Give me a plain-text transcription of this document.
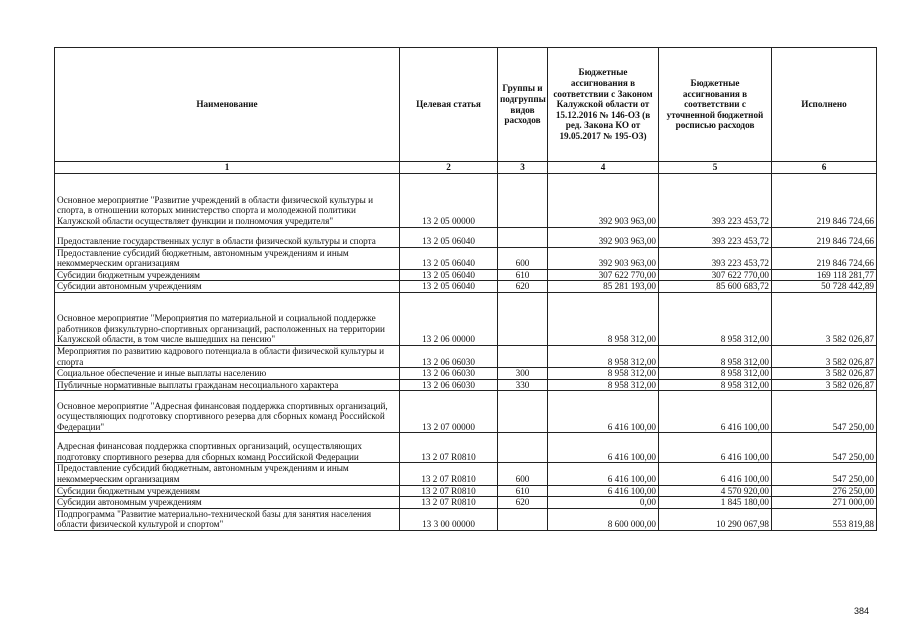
Наименование	Целевая статья	Группы и подгруппы видов расходов	Бюджетные ассигнования в соответствии с Законом Калужской области от 15.12.2016 № 146-ОЗ (в ред. Закона КО от 19.05.2017 № 195-ОЗ)	Бюджетные ассигнования в соответствии с уточненной бюджетной росписью расходов	Исполнено
1	2	3	4	5	6
Основное мероприятие "Развитие учреждений в области физической культуры и спорта, в отношении которых министерство спорта и молодежной политики Калужской области осуществляет функции и полномочия учредителя"	13 2 05 00000		392 903 963,00	393 223 453,72	219 846 724,66
Предоставление государственных услуг в области физической культуры и спорта	13 2 05 06040		392 903 963,00	393 223 453,72	219 846 724,66
Предоставление субсидий бюджетным, автономным учреждениям и иным некоммерческим организациям	13 2 05 06040	600	392 903 963,00	393 223 453,72	219 846 724,66
Субсидии бюджетным учреждениям	13 2 05 06040	610	307 622 770,00	307 622 770,00	169 118 281,77
Субсидии автономным учреждениям	13 2 05 06040	620	85 281 193,00	85 600 683,72	50 728 442,89
Основное мероприятие "Мероприятия по материальной и социальной поддержке работников физкультурно-спортивных организаций, расположенных на территории Калужской области, в том числе вышедших на пенсию"	13 2 06 00000		8 958 312,00	8 958 312,00	3 582 026,87
Мероприятия по развитию кадрового потенциала в области физической культуры и спорта	13 2 06 06030		8 958 312,00	8 958 312,00	3 582 026,87
Социальное обеспечение и иные выплаты населению	13 2 06 06030	300	8 958 312,00	8 958 312,00	3 582 026,87
Публичные нормативные выплаты гражданам несоциального характера	13 2 06 06030	330	8 958 312,00	8 958 312,00	3 582 026,87
Основное мероприятие "Адресная финансовая поддержка спортивных организаций, осуществляющих подготовку спортивного резерва для сборных команд Российской Федерации"	13 2 07 00000		6 416 100,00	6 416 100,00	547 250,00
Адресная финансовая поддержка спортивных организаций, осуществляющих подготовку спортивного резерва для сборных команд Российской Федерации	13 2 07 R0810		6 416 100,00	6 416 100,00	547 250,00
Предоставление субсидий бюджетным, автономным учреждениям и иным некоммерческим организациям	13 2 07 R0810	600	6 416 100,00	6 416 100,00	547 250,00
Субсидии бюджетным учреждениям	13 2 07 R0810	610	6 416 100,00	4 570 920,00	276 250,00
Субсидии автономным учреждениям	13 2 07 R0810	620	0,00	1 845 180,00	271 000,00
Подпрограмма "Развитие материально-технической базы для занятия населения области физической культурой и спортом"	13 3 00 00000		8 600 000,00	10 290 067,98	553 819,88
384
